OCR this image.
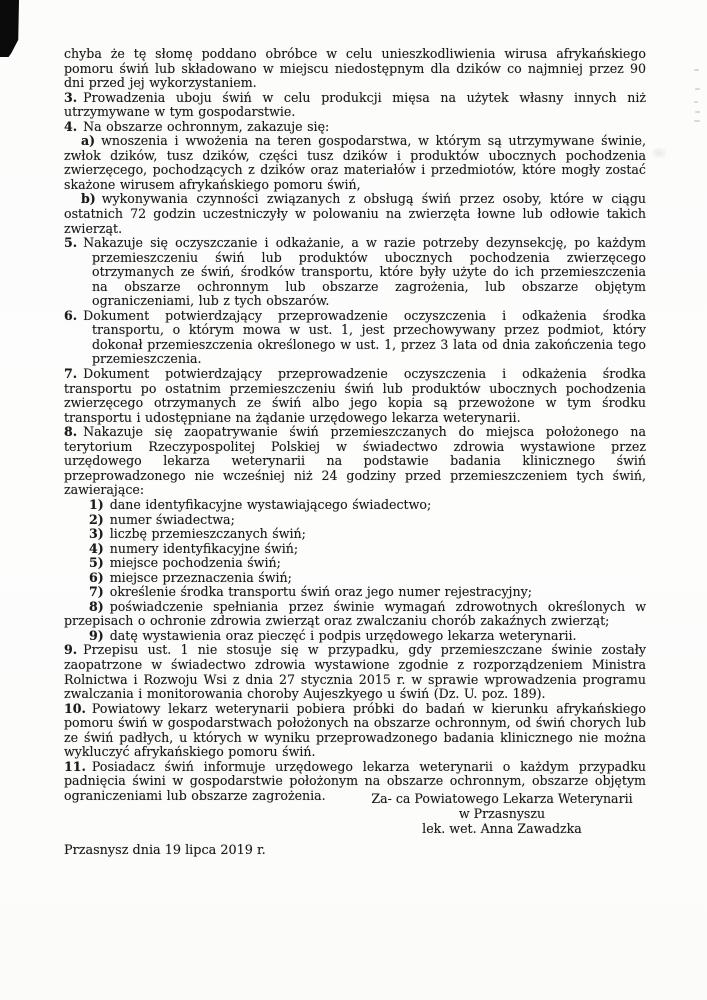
chyba że tę słomę poddano obróbce w celu unieszkodliwienia wirusa afrykańskiego pomoru świń lub składowano w miejscu niedostępnym dla dzików co najmniej przez 90 dni przed jej wykorzystaniem.
3. Prowadzenia uboju świń w celu produkcji mięsa na użytek własny innych niż utrzymywane w tym gospodarstwie.
4. Na obszarze ochronnym, zakazuje się:
a) wnoszenia i wwożenia na teren gospodarstwa, w którym są utrzymywane świnie, zwłok dzików, tusz dzików, części tusz dzików i produktów ubocznych pochodzenia zwierzęcego, pochodzących z dzików oraz materiałów i przedmiotów, które mogły zostać skażone wirusem afrykańskiego pomoru świń,
b) wykonywania czynności związanych z obsługą świń przez osoby, które w ciągu ostatnich 72 godzin uczestniczyły w polowaniu na zwierzęta łowne lub odłowie takich zwierząt.
5. Nakazuje się oczyszczanie i odkażanie, a w razie potrzeby dezynsekcję, po każdym przemieszczeniu świń lub produktów ubocznych pochodzenia zwierzęcego otrzymanych ze świń, środków transportu, które były użyte do ich przemieszczenia na obszarze ochronnym lub obszarze zagrożenia, lub obszarze objętym ograniczeniami, lub z tych obszarów.
6. Dokument potwierdzający przeprowadzenie oczyszczenia i odkażenia środka transportu, o którym mowa w ust. 1, jest przechowywany przez podmiot, który dokonał przemieszczenia określonego w ust. 1, przez 3 lata od dnia zakończenia tego przemieszczenia.
7. Dokument potwierdzający przeprowadzenie oczyszczenia i odkażenia środka transportu po ostatnim przemieszczeniu świń lub produktów ubocznych pochodzenia zwierzęcego otrzymanych ze świń albo jego kopia są przewożone w tym środku transportu i udostępniane na żądanie urzędowego lekarza weterynarii.
8. Nakazuje się zaopatrywanie świń przemieszczanych do miejsca położonego na terytorium Rzeczypospolitej Polskiej w świadectwo zdrowia wystawione przez urzędowego lekarza weterynarii na podstawie badania klinicznego świń przeprowadzonego nie wcześniej niż 24 godziny przed przemieszczeniem tych świń, zawierające:
1) dane identyfikacyjne wystawiającego świadectwo;
2) numer świadectwa;
3) liczbę przemieszczanych świń;
4) numery identyfikacyjne świń;
5) miejsce pochodzenia świń;
6) miejsce przeznaczenia świń;
7) określenie środka transportu świń oraz jego numer rejestracyjny;
8) poświadczenie spełniania przez świnie wymagań zdrowotnych określonych w przepisach o ochronie zdrowia zwierząt oraz zwalczaniu chorób zakaźnych zwierząt;
9) datę wystawienia oraz pieczęć i podpis urzędowego lekarza weterynarii.
9. Przepisu ust. 1 nie stosuje się w przypadku, gdy przemieszczane świnie zostały zaopatrzone w świadectwo zdrowia wystawione zgodnie z rozporządzeniem Ministra Rolnictwa i Rozwoju Wsi z dnia 27 stycznia 2015 r. w sprawie wprowadzenia programu zwalczania i monitorowania choroby Aujeszkyego u świń (Dz. U. poz. 189).
10. Powiatowy lekarz weterynarii pobiera próbki do badań w kierunku afrykańskiego pomoru świń w gospodarstwach położonych na obszarze ochronnym, od świń chorych lub ze świń padłych, u których w wyniku przeprowadzonego badania klinicznego nie można wykluczyć afrykańskiego pomoru świń.
11. Posiadacz świń informuje urzędowego lekarza weterynarii o każdym przypadku padnięcia świni w gospodarstwie położonym na obszarze ochronnym, obszarze objętym ograniczeniami lub obszarze zagrożenia.	Za- ca Powiatowego Lekarza Weterynarii
w Przasnyszu
lek. wet. Anna Zawadzka
Przasnysz dnia 19 lipca 2019 r.
